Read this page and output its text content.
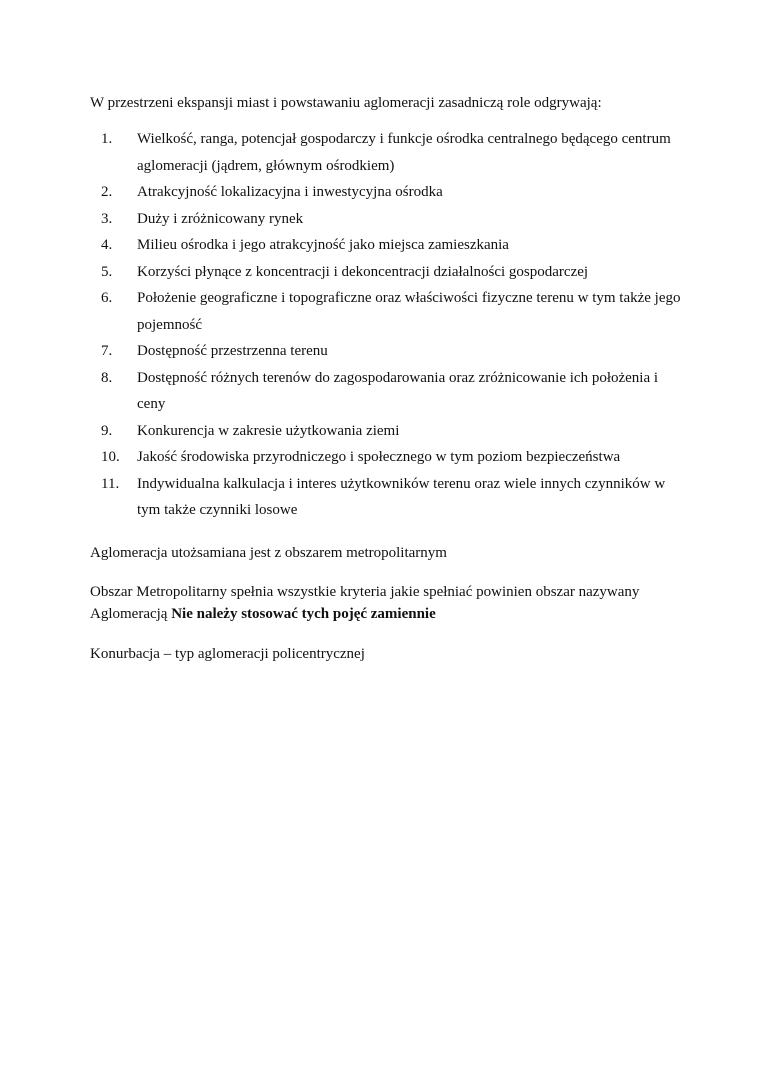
W przestrzeni ekspansji miast i powstawaniu aglomeracji zasadniczą role odgrywają:

1.	Wielkość, ranga, potencjał gospodarczy i funkcje ośrodka centralnego będącego centrum aglomeracji (jądrem, głównym ośrodkiem)
2.	Atrakcyjność lokalizacyjna i inwestycyjna ośrodka
3.	Duży i zróżnicowany rynek
4.	Milieu ośrodka i jego atrakcyjność jako miejsca zamieszkania
5.	Korzyści płynące z koncentracji i dekoncentracji działalności gospodarczej
6.	Położenie geograficzne i topograficzne oraz właściwości fizyczne terenu w tym także jego pojemność
7.	Dostępność przestrzenna terenu
8.	Dostępność różnych terenów do zagospodarowania oraz zróżnicowanie ich położenia i ceny
9.	Konkurencja w zakresie użytkowania ziemi
10.	Jakość środowiska przyrodniczego i społecznego w tym poziom bezpieczeństwa
11.	Indywidualna kalkulacja i interes użytkowników terenu oraz wiele innych czynników w tym także czynniki losowe

Aglomeracja utożsamiana jest z obszarem metropolitarnym

Obszar Metropolitarny spełnia wszystkie kryteria jakie spełniać powinien obszar nazywany Aglomeracją Nie należy stosować tych pojęć zamiennie

Konurbacja – typ aglomeracji policentrycznej
